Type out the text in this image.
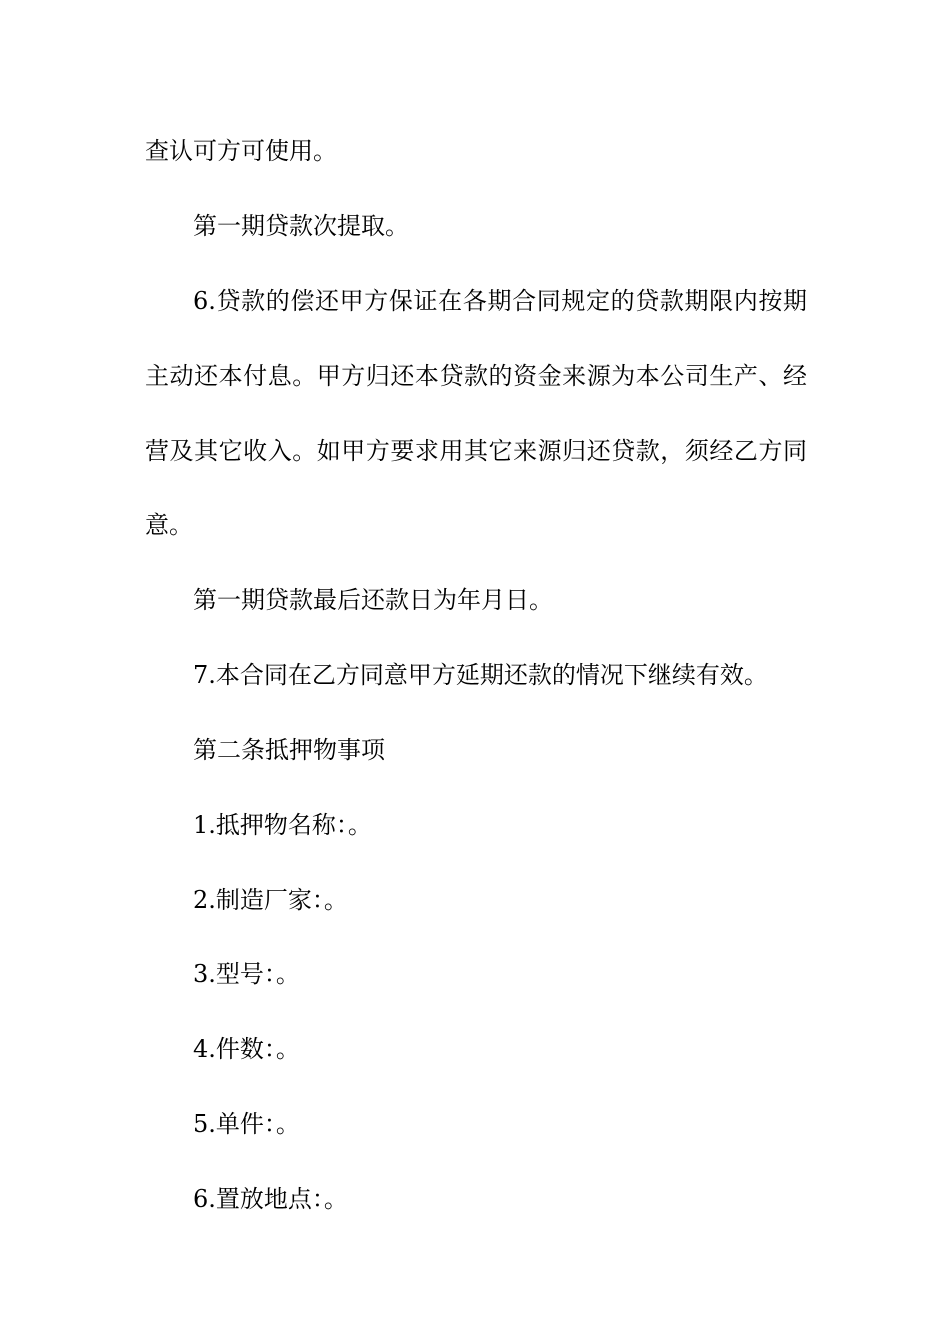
查认可方可使用。
第一期贷款次提取。
6.贷款的偿还甲方保证在各期合同规定的贷款期限内按期
主动还本付息。甲方归还本贷款的资金来源为本公司生产、经
营及其它收入。如甲方要求用其它来源归还贷款，须经乙方同
意。
第一期贷款最后还款日为年月日。
7.本合同在乙方同意甲方延期还款的情况下继续有效。
第二条抵押物事项
1.抵押物名称：。
2.制造厂家：。
3.型号：。
4.件数：。
5.单件：。
6.置放地点：。
